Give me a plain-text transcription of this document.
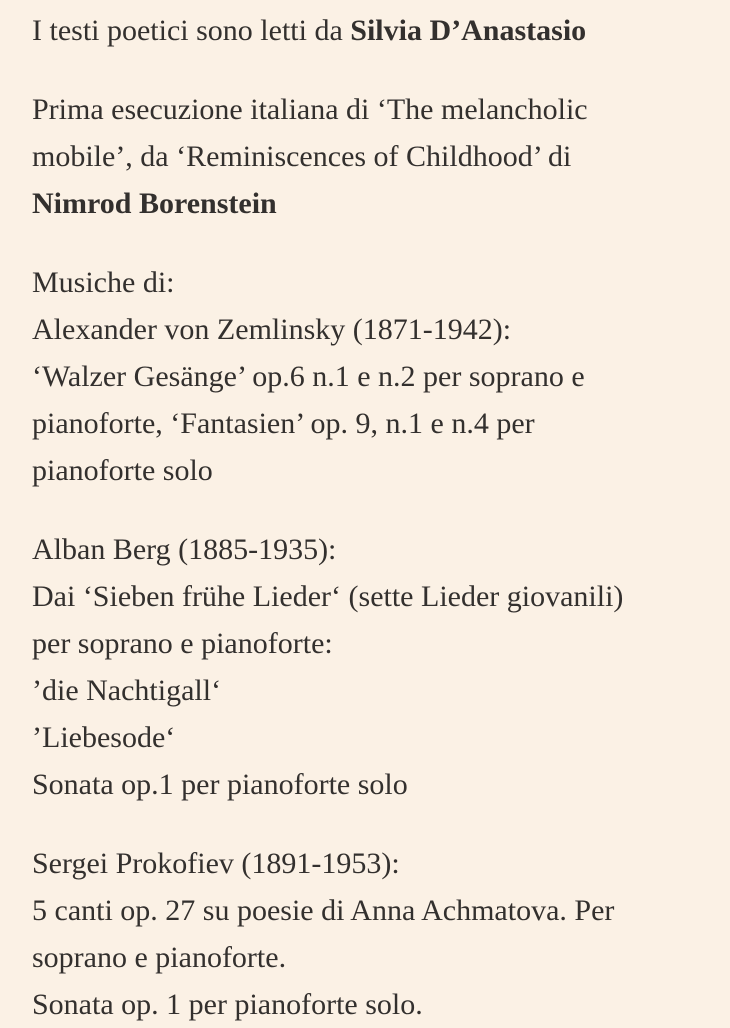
I testi poetici sono letti da Silvia D’Anastasio

Prima esecuzione italiana di ‘The melancholic
mobile’, da ‘Reminiscences of Childhood’ di
Nimrod Borenstein

Musiche di:
Alexander von Zemlinsky (1871-1942):
‘Walzer Gesänge’ op.6 n.1 e n.2 per soprano e
pianoforte, ‘Fantasien’ op. 9, n.1 e n.4 per
pianoforte solo

Alban Berg (1885-1935):
Dai ‘Sieben frühe Lieder‘ (sette Lieder giovanili)
per soprano e pianoforte:
’die Nachtigall‘
’Liebesode‘
Sonata op.1 per pianoforte solo

Sergei Prokofiev (1891-1953):
5 canti op. 27 su poesie di Anna Achmatova. Per
soprano e pianoforte.
Sonata op. 1 per pianoforte solo.
